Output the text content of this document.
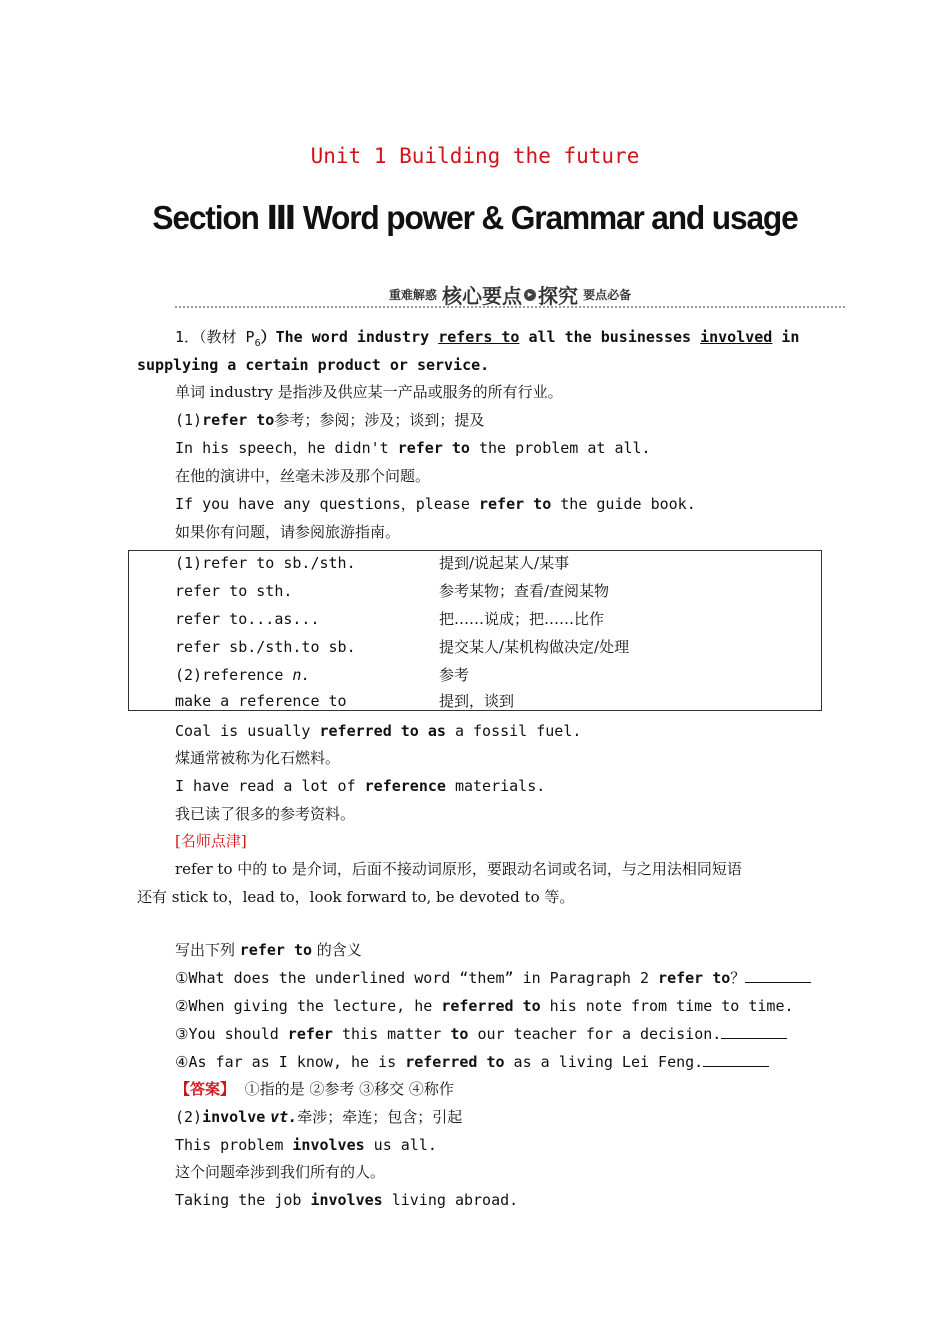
Unit 1 Building the future
Section Ⅲ Word power & Grammar and usage
重难解惑 核心要点 ▸ 探究 要点必备
1．（教材 $P_6)The$ word industry refers to all the businesses involved in
supplying a certain product or service.
单词 industry 是指涉及供应某一产品或服务的所有行业。
(1)refer to参考；参阅；涉及；谈到；提及
In his speech，he didn't refer to the problem at all.
在他的演讲中，丝毫未涉及那个问题。
If you have any questions，please refer to the guide book.
如果你有问题，请参阅旅游指南。
(1)refer to sb./sth.	提到/说起某人/某事
refer to sth.	参考某物；查看/查阅某物
refer to...as...	把……说成；把……比作
refer sb./sth.to sb.	提交某人/某机构做决定/处理
(2)reference n.	参考
make a reference to	提到，谈到
Coal is usually referred to as a fossil fuel.
煤通常被称为化石燃料。
I have read a lot of reference materials.
我已读了很多的参考资料。
[名师点津]
refer to 中的 to 是介词，后面不接动词原形，要跟动名词或名词，与之用法相同短语
还有 stick to，lead to，look forward to, be devoted to 等。
写出下列 refer to 的含义
①What does the underlined word “them” in Paragraph 2 refer to？
②When giving the lecture, he referred to his note from time to time.
③You should refer this matter to our teacher for a decision.
④As far as I know, he is referred to as a living Lei Feng.
【答案】 ①指的是 ②参考 ③移交 ④称作
(2)involve vt.牵涉；牵连；包含；引起
This problem involves us all.
这个问题牵涉到我们所有的人。
Taking the job involves living abroad.
